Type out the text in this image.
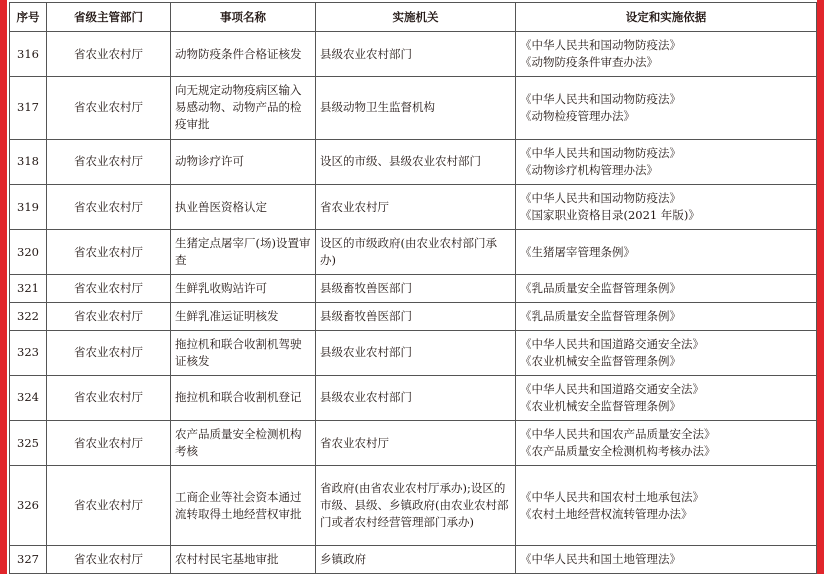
序号	省级主管部门	事项名称	实施机关	设定和实施依据
316	省农业农村厅	动物防疫条件合格证核发	县级农业农村部门	《中华人民共和国动物防疫法》
《动物防疫条件审查办法》

317	省农业农村厅	向无规定动物疫病区输入易感动物、动物产品的检疫审批	县级动物卫生监督机构	《中华人民共和国动物防疫法》
《动物检疫管理办法》

318	省农业农村厅	动物诊疗许可	设区的市级、县级农业农村部门	《中华人民共和国动物防疫法》
《动物诊疗机构管理办法》

319	省农业农村厅	执业兽医资格认定	省农业农村厅	《中华人民共和国动物防疫法》
《国家职业资格目录(2021 年版)》

320	省农业农村厅	生猪定点屠宰厂(场)设置审查	设区的市级政府(由农业农村部门承办)	《生猪屠宰管理条例》

321	省农业农村厅	生鲜乳收购站许可	县级畜牧兽医部门	《乳品质量安全监督管理条例》

322	省农业农村厅	生鲜乳准运证明核发	县级畜牧兽医部门	《乳品质量安全监督管理条例》

323	省农业农村厅	拖拉机和联合收割机驾驶证核发	县级农业农村部门	《中华人民共和国道路交通安全法》
《农业机械安全监督管理条例》

324	省农业农村厅	拖拉机和联合收割机登记	县级农业农村部门	《中华人民共和国道路交通安全法》
《农业机械安全监督管理条例》

325	省农业农村厅	农产品质量安全检测机构考核	省农业农村厅	《中华人民共和国农产品质量安全法》
《农产品质量安全检测机构考核办法》

326	省农业农村厅	工商企业等社会资本通过流转取得土地经营权审批	省政府(由省农业农村厅承办);设区的市级、县级、乡镇政府(由农业农村部门或者农村经营管理部门承办)	《中华人民共和国农村土地承包法》
《农村土地经营权流转管理办法》

327	省农业农村厅	农村村民宅基地审批	乡镇政府	《中华人民共和国土地管理法》
